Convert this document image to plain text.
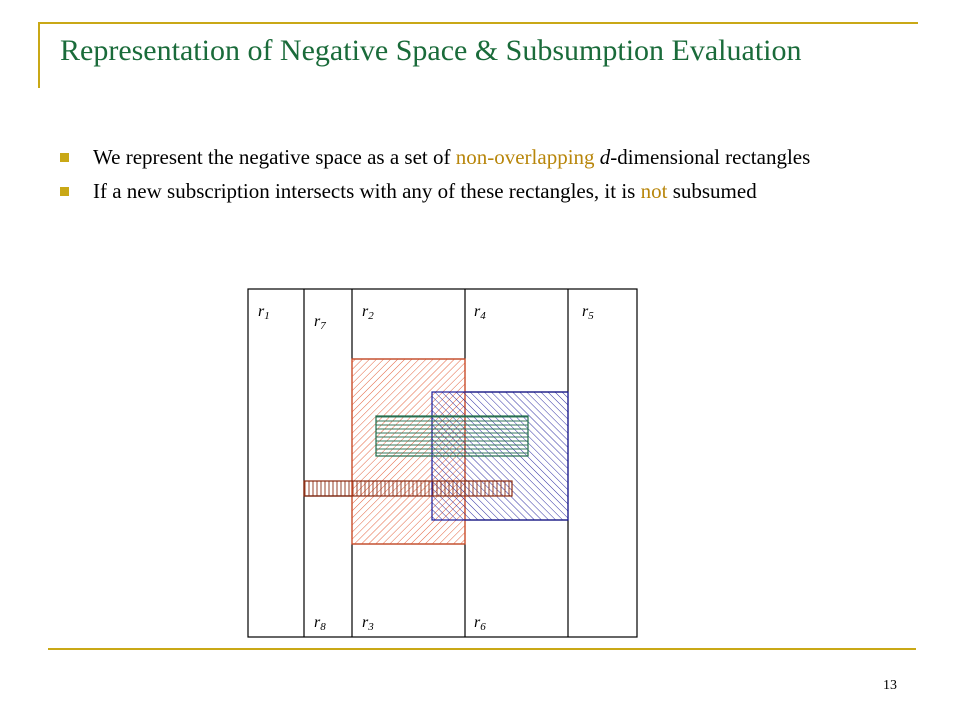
Representation of Negative Space & Subsumption Evaluation
We represent the negative space as a set of non-overlapping d-dimensional rectangles
If a new subscription intersects with any of these rectangles, it is not subsumed
r1	r7
r2	r4	r5
r8 r3	r6
13
